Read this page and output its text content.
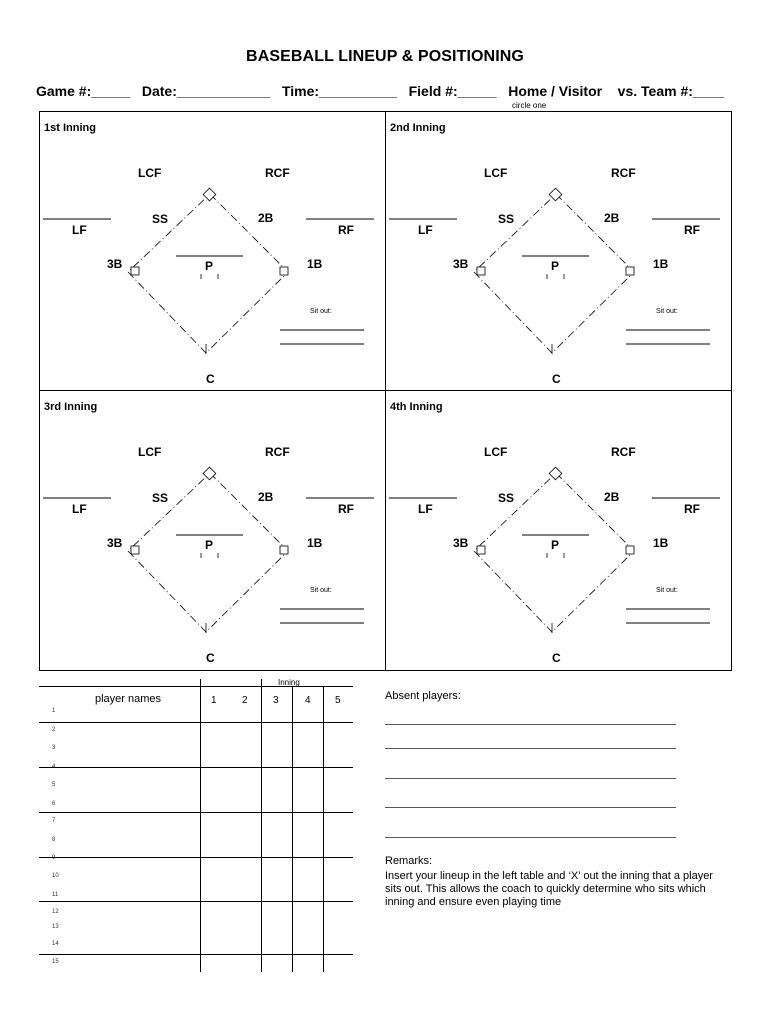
BASEBALL LINEUP & POSITIONING
Game #:_____ Date:____________ Time:__________ Field #:_____ Home / Visitor vs. Team #:____
circle one
1st Inning
LCF	RCF
SS	2B
LF	RF
3B	1B
P
C
Sit out:
2nd Inning
LCF	RCF
SS	2B
LF	RF
3B	1B
P
C
Sit out:
3rd Inning
LCF	RCF
SS	2B
LF	RF
3B	1B
P
C
Sit out:
4th Inning
LCF	RCF
SS	2B
LF	RF
3B	1B
P
C
Sit out:
Inning
player names	1	2	3	4 5
1
2
3
4
5
6
7
8
9
10
11
12
13
14
15
Absent players:
Remarks:
Insert your lineup in the left table and ‘X’ out the inning that a player sits out. This allows the coach to quickly determine who sits which inning and ensure even playing time
